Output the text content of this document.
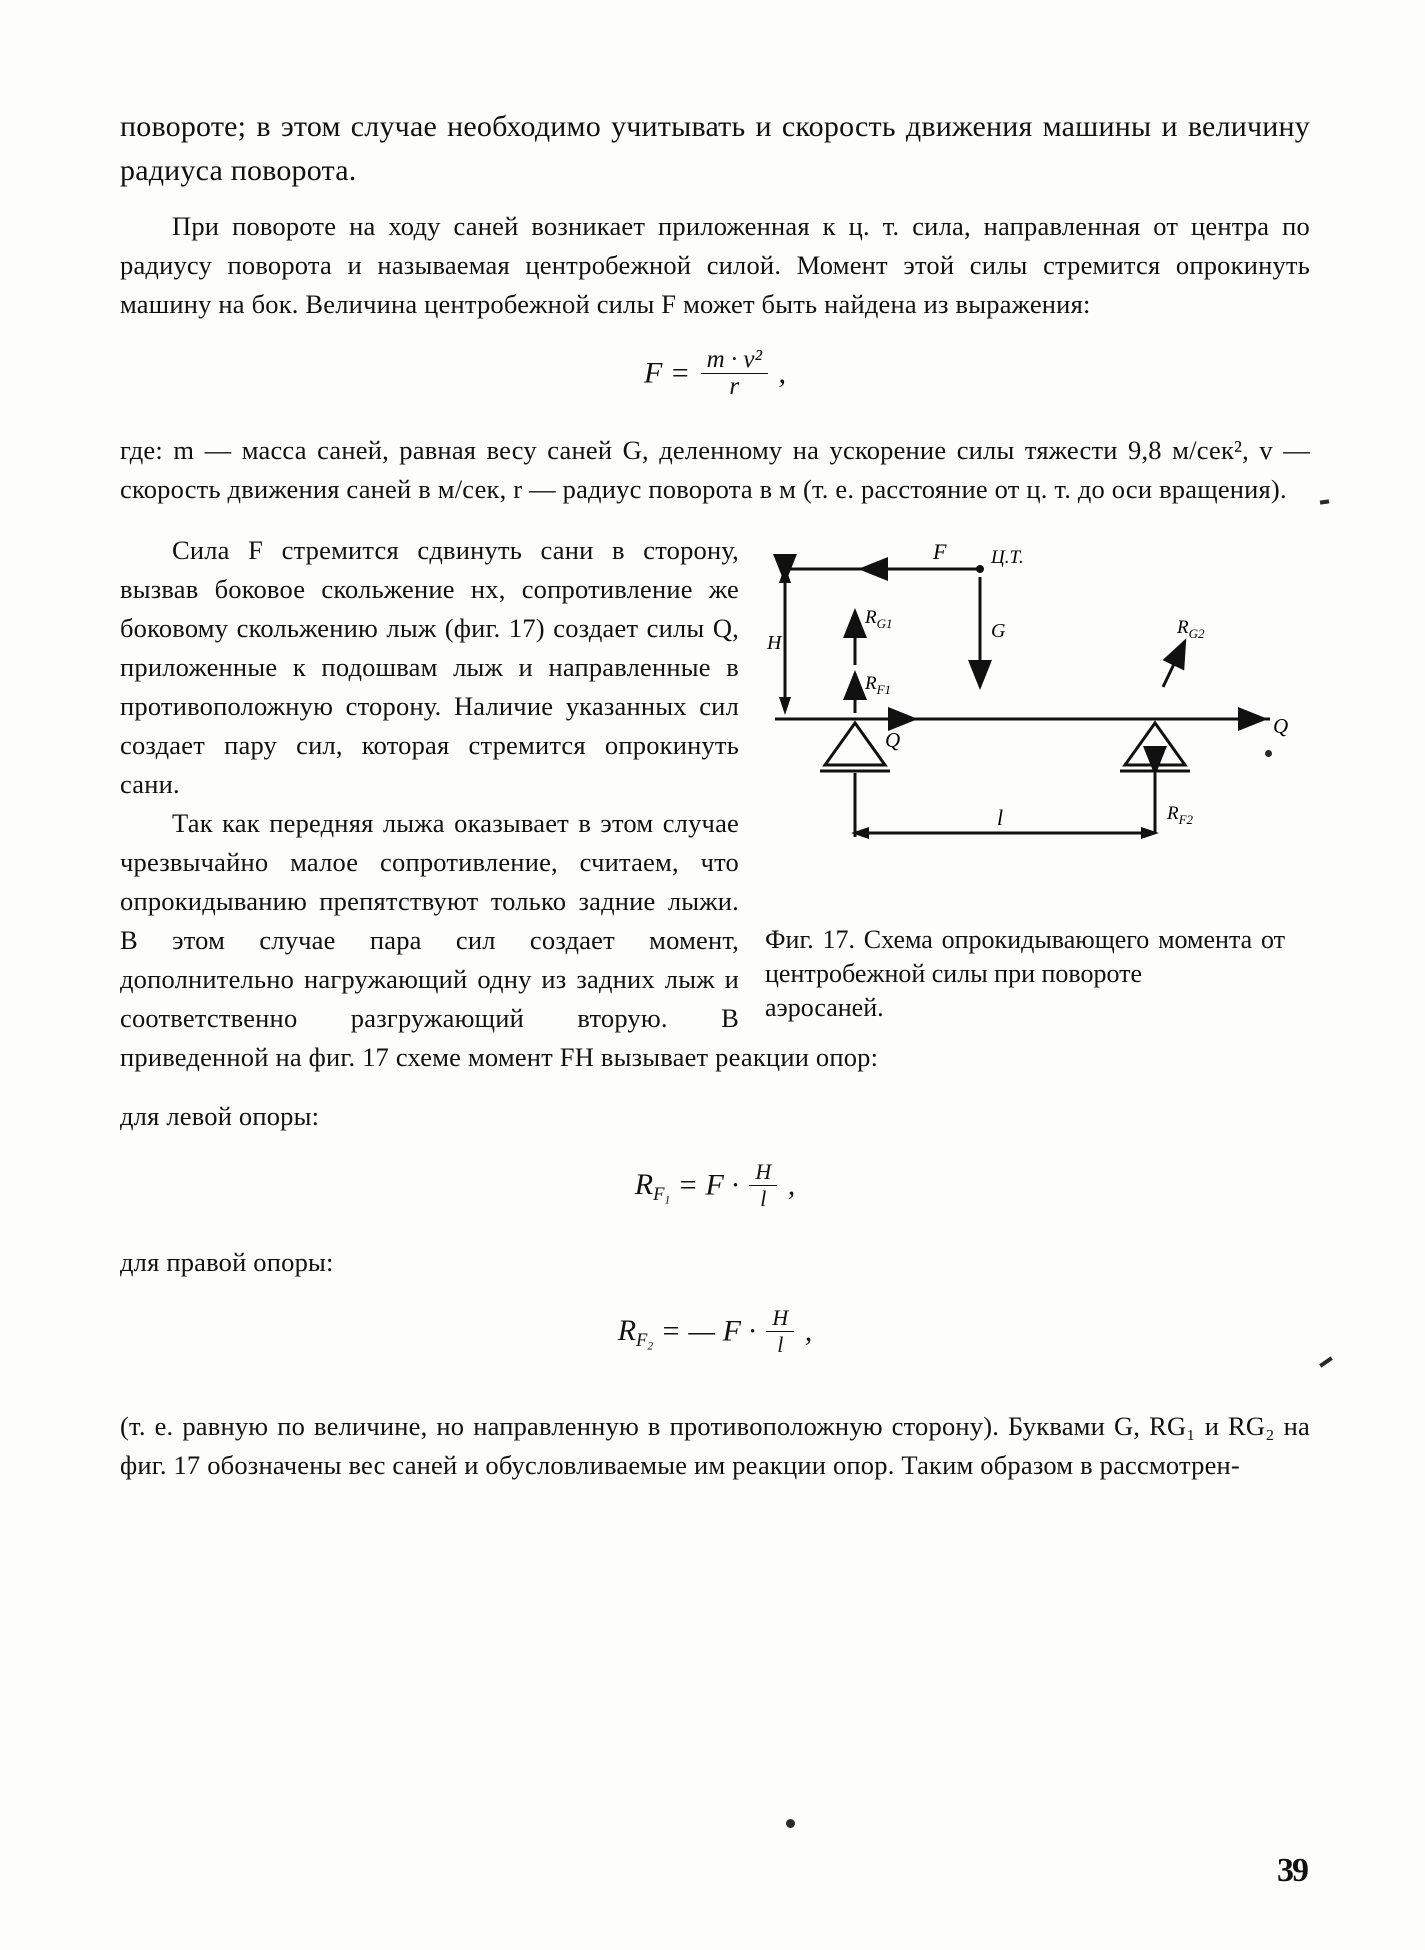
повороте; в этом случае необходимо учитывать и скорость движения машины и величину радиуса поворота.

При повороте на ходу саней возникает приложенная к ц. т. сила, направленная от центра по радиусу поворота и называемая центробежной силой. Момент этой силы стремится опрокинуть машину на бок. Величина центробежной силы F может быть найдена из выражения:

$F = \frac{\text{m · v²}}{r}$ ,

где: m — масса саней, равная весу саней G, деленному на ускорение силы тяжести 9,8 м/сек², v — скорость движения саней в м/сек, r — радиус поворота в м (т. е. расстояние от ц. т. до оси вращения).

H
F Ц.Т.
G
$R_{G1}$
$R_{F1}$
$R_{G2}$
$R_{F2}$
Q
Q
l
Фиг. 17. Схема опрокидывающего момента от центробежной силы при повороте
аэросаней.

Сила F стремится сдвинуть сани в сторону, вызвав боковое скольжение нх, сопротивление же боковому скольжению лыж (фиг. 17) создает силы Q, приложенные к подошвам лыж и направленные в противоположную сторону. Наличие указанных сил создает пару сил, которая стремится опрокинуть сани.

Так как передняя лыжа оказывает в этом случае чрезвычайно малое сопротивление, считаем, что опрокидыванию препятствуют только задние лыжи. В этом случае пара сил создает момент, дополнительно нагружающий одну из задних лыж и соответственно разгружающий вторую. В приведенной на фиг. 17 схеме момент FH вызывает реакции опор:

для левой опоры:

$R_{F_1} = F \cdot \frac{H}{l}$ ,

для правой опоры:

$R_{F_2}$ = — $F \cdot \frac{H}{l}$ ,

(т. е. равную по величине, но направленную в противоположную сторону). Буквами G, RG₁ и RG₂ на фиг. 17 обозначены вес саней и обусловливаемые им реакции опор. Таким образом в рассмотрен-

39
